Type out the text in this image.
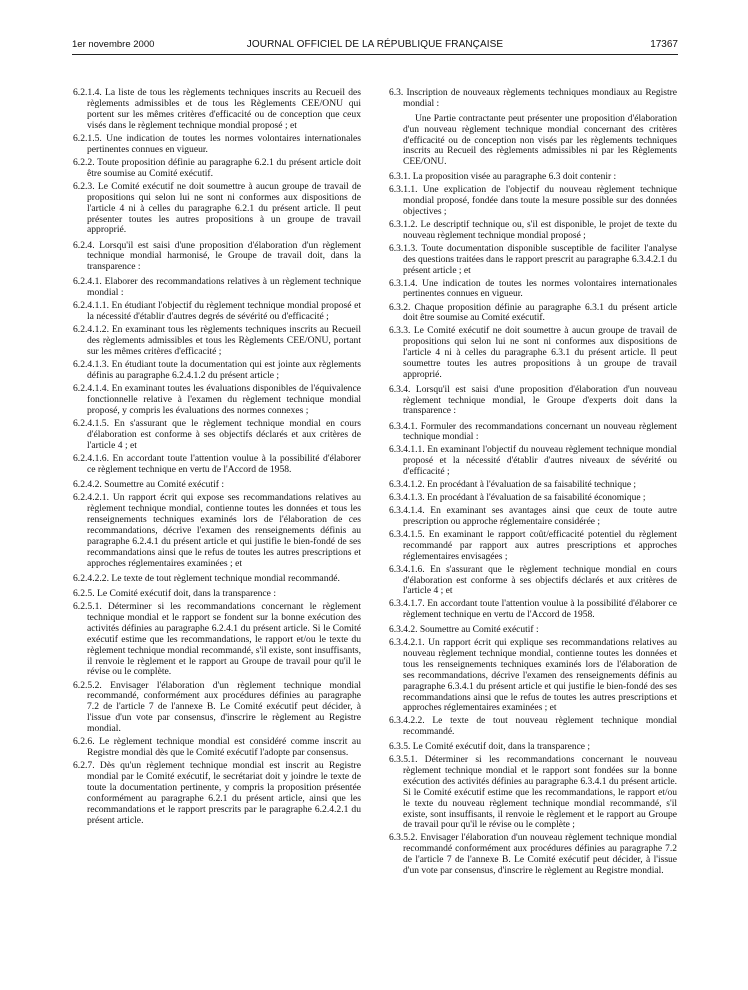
1er novembre 2000	JOURNAL OFFICIEL DE LA RÉPUBLIQUE FRANÇAISE	17367

6.2.1.4. La liste de tous les règlements techniques inscrits au Recueil des règlements admissibles et de tous les Règlements CEE/ONU qui portent sur les mêmes critères d'efficacité ou de conception que ceux visés dans le règlement technique mondial proposé ; et

6.2.1.5. Une indication de toutes les normes volontaires internationales pertinentes connues en vigueur.

6.2.2. Toute proposition définie au paragraphe 6.2.1 du présent article doit être soumise au Comité exécutif.

6.2.3. Le Comité exécutif ne doit soumettre à aucun groupe de travail de propositions qui selon lui ne sont ni conformes aux dispositions de l'article 4 ni à celles du paragraphe 6.2.1 du présent article. Il peut présenter toutes les autres propositions à un groupe de travail approprié.

6.2.4. Lorsqu'il est saisi d'une proposition d'élaboration d'un règlement technique mondial harmonisé, le Groupe de travail doit, dans la transparence :

6.2.4.1. Elaborer des recommandations relatives à un règlement technique mondial :

6.2.4.1.1. En étudiant l'objectif du règlement technique mondial proposé et la nécessité d'établir d'autres degrés de sévérité ou d'efficacité ;

6.2.4.1.2. En examinant tous les règlements techniques inscrits au Recueil des règlements admissibles et tous les Règlements CEE/ONU, portant sur les mêmes critères d'efficacité ;

6.2.4.1.3. En étudiant toute la documentation qui est jointe aux règlements définis au paragraphe 6.2.4.1.2 du présent article ;

6.2.4.1.4. En examinant toutes les évaluations disponibles de l'équivalence fonctionnelle relative à l'examen du règlement technique mondial proposé, y compris les évaluations des normes connexes ;

6.2.4.1.5. En s'assurant que le règlement technique mondial en cours d'élaboration est conforme à ses objectifs déclarés et aux critères de l'article 4 ; et

6.2.4.1.6. En accordant toute l'attention voulue à la possibilité d'élaborer ce règlement technique en vertu de l'Accord de 1958.

6.2.4.2. Soumettre au Comité exécutif :

6.2.4.2.1. Un rapport écrit qui expose ses recommandations relatives au règlement technique mondial, contienne toutes les données et tous les renseignements techniques examinés lors de l'élaboration de ces recommandations, décrive l'examen des renseignements définis au paragraphe 6.2.4.1 du présent article et qui justifie le bien-fondé de ses recommandations ainsi que le refus de toutes les autres prescriptions et approches réglementaires examinées ; et

6.2.4.2.2. Le texte de tout règlement technique mondial recommandé.

6.2.5. Le Comité exécutif doit, dans la transparence :

6.2.5.1. Déterminer si les recommandations concernant le règlement technique mondial et le rapport se fondent sur la bonne exécution des activités définies au paragraphe 6.2.4.1 du présent article. Si le Comité exécutif estime que les recommandations, le rapport et/ou le texte du règlement technique mondial recommandé, s'il existe, sont insuffisants, il renvoie le règlement et le rapport au Groupe de travail pour qu'il le révise ou le complète.

6.2.5.2. Envisager l'élaboration d'un règlement technique mondial recommandé, conformément aux procédures définies au paragraphe 7.2 de l'article 7 de l'annexe B. Le Comité exécutif peut décider, à l'issue d'un vote par consensus, d'inscrire le règlement au Registre mondial.

6.2.6. Le règlement technique mondial est considéré comme inscrit au Registre mondial dès que le Comité exécutif l'adopte par consensus.

6.2.7. Dès qu'un règlement technique mondial est inscrit au Registre mondial par le Comité exécutif, le secrétariat doit y joindre le texte de toute la documentation pertinente, y compris la proposition présentée conformément au paragraphe 6.2.1 du présent article, ainsi que les recommandations et le rapport prescrits par le paragraphe 6.2.4.2.1 du présent article.

6.3. Inscription de nouveaux règlements techniques mondiaux au Registre mondial :

Une Partie contractante peut présenter une proposition d'élaboration d'un nouveau règlement technique mondial concernant des critères d'efficacité ou de conception non visés par les règlements techniques inscrits au Recueil des règlements admissibles ni par les Règlements CEE/ONU.

6.3.1. La proposition visée au paragraphe 6.3 doit contenir :

6.3.1.1. Une explication de l'objectif du nouveau règlement technique mondial proposé, fondée dans toute la mesure possible sur des données objectives ;

6.3.1.2. Le descriptif technique ou, s'il est disponible, le projet de texte du nouveau règlement technique mondial proposé ;

6.3.1.3. Toute documentation disponible susceptible de faciliter l'analyse des questions traitées dans le rapport prescrit au paragraphe 6.3.4.2.1 du présent article ; et

6.3.1.4. Une indication de toutes les normes volontaires internationales pertinentes connues en vigueur.

6.3.2. Chaque proposition définie au paragraphe 6.3.1 du présent article doit être soumise au Comité exécutif.

6.3.3. Le Comité exécutif ne doit soumettre à aucun groupe de travail de propositions qui selon lui ne sont ni conformes aux dispositions de l'article 4 ni à celles du paragraphe 6.3.1 du présent article. Il peut soumettre toutes les autres propositions à un groupe de travail approprié.

6.3.4. Lorsqu'il est saisi d'une proposition d'élaboration d'un nouveau règlement technique mondial, le Groupe d'experts doit dans la transparence :

6.3.4.1. Formuler des recommandations concernant un nouveau règlement technique mondial :

6.3.4.1.1. En examinant l'objectif du nouveau règlement technique mondial proposé et la nécessité d'établir d'autres niveaux de sévérité ou d'efficacité ;

6.3.4.1.2. En procédant à l'évaluation de sa faisabilité technique ;

6.3.4.1.3. En procédant à l'évaluation de sa faisabilité économique ;

6.3.4.1.4. En examinant ses avantages ainsi que ceux de toute autre prescription ou approche réglementaire considérée ;

6.3.4.1.5. En examinant le rapport coût/efficacité potentiel du règlement recommandé par rapport aux autres prescriptions et approches réglementaires envisagées ;

6.3.4.1.6. En s'assurant que le règlement technique mondial en cours d'élaboration est conforme à ses objectifs déclarés et aux critères de l'article 4 ; et

6.3.4.1.7. En accordant toute l'attention voulue à la possibilité d'élaborer ce règlement technique en vertu de l'Accord de 1958.

6.3.4.2. Soumettre au Comité exécutif :

6.3.4.2.1. Un rapport écrit qui explique ses recommandations relatives au nouveau règlement technique mondial, contienne toutes les données et tous les renseignements techniques examinés lors de l'élaboration de ses recommandations, décrive l'examen des renseignements définis au paragraphe 6.3.4.1 du présent article et qui justifie le bien-fondé des ses recommandations ainsi que le refus de toutes les autres prescriptions et approches réglementaires examinées ; et

6.3.4.2.2. Le texte de tout nouveau règlement technique mondial recommandé.

6.3.5. Le Comité exécutif doit, dans la transparence ;

6.3.5.1. Déterminer si les recommandations concernant le nouveau règlement technique mondial et le rapport sont fondées sur la bonne exécution des activités définies au paragraphe 6.3.4.1 du présent article. Si le Comité exécutif estime que les recommandations, le rapport et/ou le texte du nouveau règlement technique mondial recommandé, s'il existe, sont insuffisants, il renvoie le règlement et le rapport au Groupe de travail pour qu'il le révise ou le complète ;

6.3.5.2. Envisager l'élaboration d'un nouveau règlement technique mondial recommandé conformément aux procédures définies au paragraphe 7.2 de l'article 7 de l'annexe B. Le Comité exécutif peut décider, à l'issue d'un vote par consensus, d'inscrire le règlement au Registre mondial.
